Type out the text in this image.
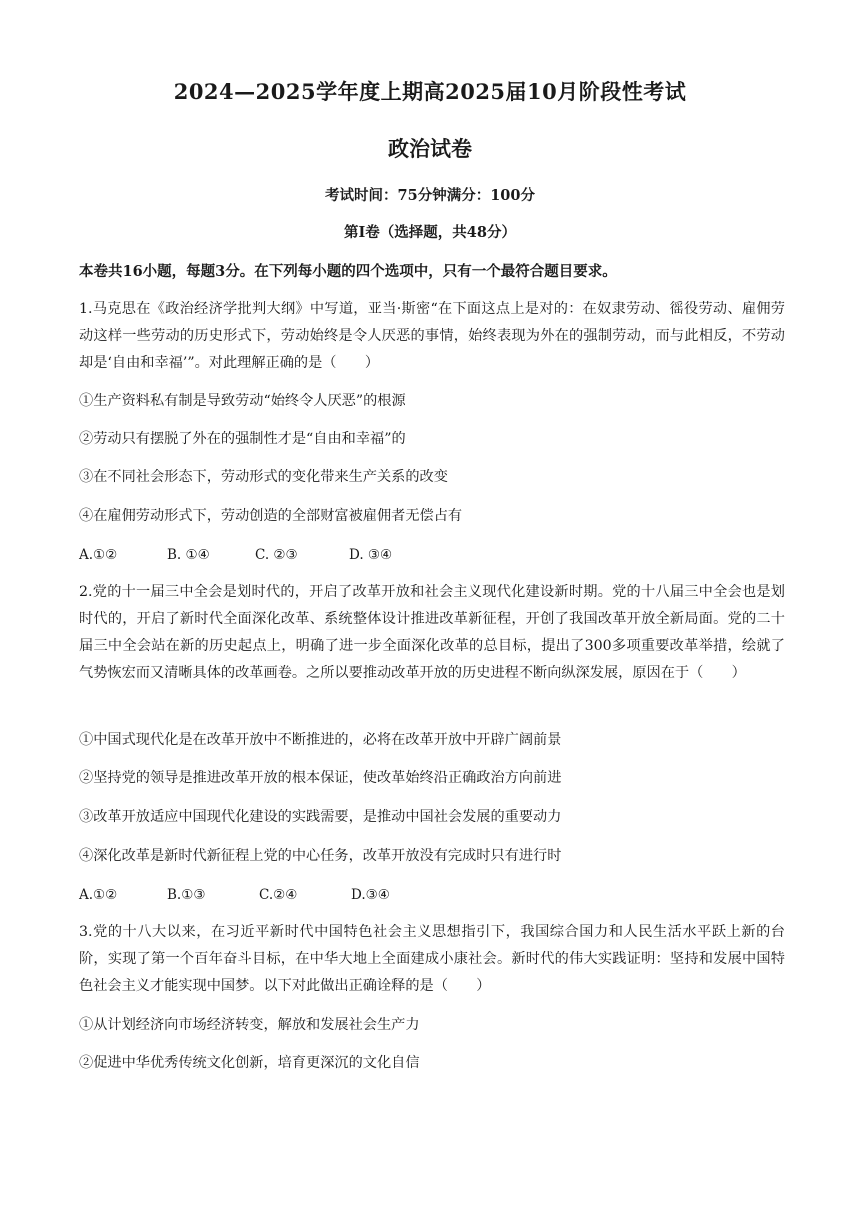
2024—2025学年度上期高2025届10月阶段性考试
政治试卷
考试时间：75分钟满分：100分
第Ⅰ卷（选择题，共48分）
本卷共16小题，每题3分。在下列每小题的四个选项中，只有一个最符合题目要求。
1.马克思在《政治经济学批判大纲》中写道，亚当·斯密“在下面这点上是对的：在奴隶劳动、徭役劳动、雇佣劳动这样一些劳动的历史形式下，劳动始终是令人厌恶的事情，始终表现为外在的强制劳动，而与此相反，不劳动却是‘自由和幸福’”。对此理解正确的是（　　）
①生产资料私有制是导致劳动“始终令人厌恶”的根源
②劳动只有摆脱了外在的强制性才是“自由和幸福”的
③在不同社会形态下，劳动形式的变化带来生产关系的改变
④在雇佣劳动形式下，劳动创造的全部财富被雇佣者无偿占有
A.①②	B. ①④	C. ②③	D. ③④
2.党的十一届三中全会是划时代的，开启了改革开放和社会主义现代化建设新时期。党的十八届三中全会也是划时代的，开启了新时代全面深化改革、系统整体设计推进改革新征程，开创了我国改革开放全新局面。党的二十届三中全会站在新的历史起点上，明确了进一步全面深化改革的总目标，提出了300多项重要改革举措，绘就了气势恢宏而又清晰具体的改革画卷。之所以要推动改革开放的历史进程不断向纵深发展，原因在于（　　）
①中国式现代化是在改革开放中不断推进的，必将在改革开放中开辟广阔前景
②坚持党的领导是推进改革开放的根本保证，使改革始终沿正确政治方向前进
③改革开放适应中国现代化建设的实践需要，是推动中国社会发展的重要动力
④深化改革是新时代新征程上党的中心任务，改革开放没有完成时只有进行时
A.①②	B.①③	C.②④	D.③④
3.党的十八大以来，在习近平新时代中国特色社会主义思想指引下，我国综合国力和人民生活水平跃上新的台阶，实现了第一个百年奋斗目标，在中华大地上全面建成小康社会。新时代的伟大实践证明：坚持和发展中国特色社会主义才能实现中国梦。以下对此做出正确诠释的是（　　）
①从计划经济向市场经济转变，解放和发展社会生产力
②促进中华优秀传统文化创新，培育更深沉的文化自信
